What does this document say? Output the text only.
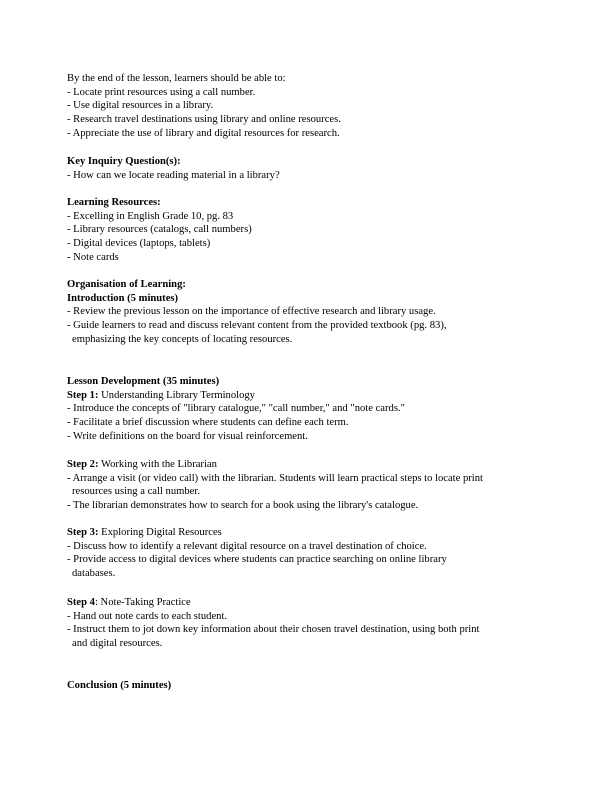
By the end of the lesson, learners should be able to:
- Locate print resources using a call number.
- Use digital resources in a library.
- Research travel destinations using library and online resources.
- Appreciate the use of library and digital resources for research.
Key Inquiry Question(s):
- How can we locate reading material in a library?
Learning Resources:
- Excelling in English Grade 10, pg. 83
- Library resources (catalogs, call numbers)
- Digital devices (laptops, tablets)
- Note cards
Organisation of Learning:
Introduction (5 minutes)
- Review the previous lesson on the importance of effective research and library usage.
- Guide learners to read and discuss relevant content from the provided textbook (pg. 83),
emphasizing the key concepts of locating resources.
Lesson Development (35 minutes)
Step 1: Understanding Library Terminology
- Introduce the concepts of "library catalogue," "call number," and "note cards."
- Facilitate a brief discussion where students can define each term.
- Write definitions on the board for visual reinforcement.
Step 2: Working with the Librarian
- Arrange a visit (or video call) with the librarian. Students will learn practical steps to locate print
resources using a call number.
- The librarian demonstrates how to search for a book using the library's catalogue.
Step 3: Exploring Digital Resources
- Discuss how to identify a relevant digital resource on a travel destination of choice.
- Provide access to digital devices where students can practice searching on online library
databases.
Step 4: Note-Taking Practice
- Hand out note cards to each student.
- Instruct them to jot down key information about their chosen travel destination, using both print
and digital resources.
Conclusion (5 minutes)
